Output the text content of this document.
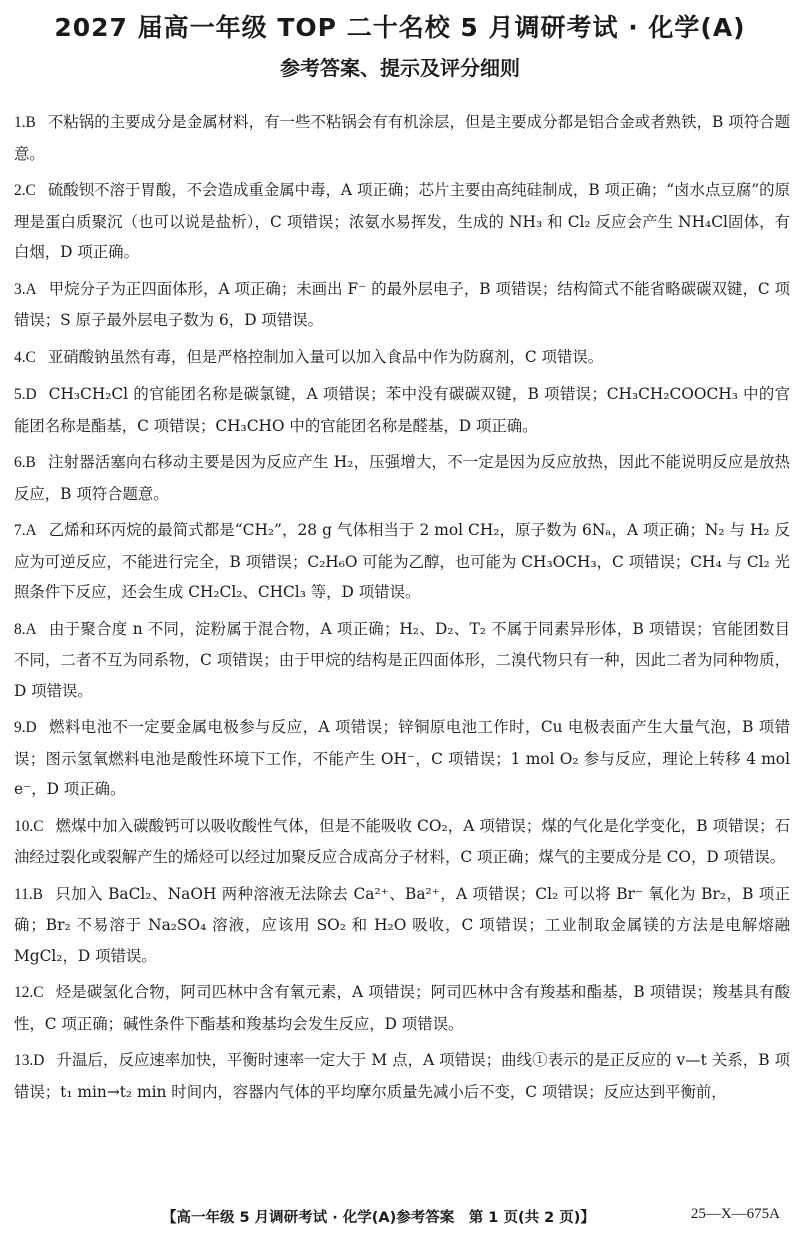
2027 届高一年级 TOP 二十名校 5 月调研考试 · 化学(A)
参考答案、提示及评分细则
1.B 不粘锅的主要成分是金属材料，有一些不粘锅会有有机涂层，但是主要成分都是铝合金或者熟铁，B 项符合题意。
2.C 硫酸钡不溶于胃酸，不会造成重金属中毒，A 项正确；芯片主要由高纯硅制成，B 项正确；“卤水点豆腐”的原理是蛋白质聚沉（也可以说是盐析），C 项错误；浓氨水易挥发，生成的 NH₃ 和 Cl₂ 反应会产生 NH₄Cl固体，有白烟，D 项正确。
3.A 甲烷分子为正四面体形，A 项正确；未画出 F⁻ 的最外层电子，B 项错误；结构简式不能省略碳碳双键，C 项错误；S 原子最外层电子数为 6，D 项错误。
4.C 亚硝酸钠虽然有毒，但是严格控制加入量可以加入食品中作为防腐剂，C 项错误。
5.D CH₃CH₂Cl 的官能团名称是碳氯键，A 项错误；苯中没有碳碳双键，B 项错误；CH₃CH₂COOCH₃ 中的官能团名称是酯基，C 项错误；CH₃CHO 中的官能团名称是醛基，D 项正确。
6.B 注射器活塞向右移动主要是因为反应产生 H₂，压强增大，不一定是因为反应放热，因此不能说明反应是放热反应，B 项符合题意。
7.A 乙烯和环丙烷的最简式都是“CH₂”，28 g 气体相当于 2 mol CH₂，原子数为 6Nₐ，A 项正确；N₂ 与 H₂ 反应为可逆反应，不能进行完全，B 项错误；C₂H₆O 可能为乙醇，也可能为 CH₃OCH₃，C 项错误；CH₄ 与 Cl₂ 光照条件下反应，还会生成 CH₂Cl₂、CHCl₃ 等，D 项错误。
8.A 由于聚合度 n 不同，淀粉属于混合物，A 项正确；H₂、D₂、T₂ 不属于同素异形体，B 项错误；官能团数目不同，二者不互为同系物，C 项错误；由于甲烷的结构是正四面体形，二溴代物只有一种，因此二者为同种物质，D 项错误。
9.D 燃料电池不一定要金属电极参与反应，A 项错误；锌铜原电池工作时，Cu 电极表面产生大量气泡，B 项错误；图示氢氧燃料电池是酸性环境下工作，不能产生 OH⁻，C 项错误；1 mol O₂ 参与反应，理论上转移 4 mol e⁻，D 项正确。
10.C 燃煤中加入碳酸钙可以吸收酸性气体，但是不能吸收 CO₂，A 项错误；煤的气化是化学变化，B 项错误；石油经过裂化或裂解产生的烯烃可以经过加聚反应合成高分子材料，C 项正确；煤气的主要成分是 CO，D 项错误。
11.B 只加入 BaCl₂、NaOH 两种溶液无法除去 Ca²⁺、Ba²⁺，A 项错误；Cl₂ 可以将 Br⁻ 氧化为 Br₂，B 项正确；Br₂ 不易溶于 Na₂SO₄ 溶液，应该用 SO₂ 和 H₂O 吸收，C 项错误；工业制取金属镁的方法是电解熔融 MgCl₂，D 项错误。
12.C 烃是碳氢化合物，阿司匹林中含有氧元素，A 项错误；阿司匹林中含有羧基和酯基，B 项错误；羧基具有酸性，C 项正确；碱性条件下酯基和羧基均会发生反应，D 项错误。
13.D 升温后，反应速率加快，平衡时速率一定大于 M 点，A 项错误；曲线①表示的是正反应的 v—t 关系，B 项错误；t₁ min→t₂ min 时间内，容器内气体的平均摩尔质量先减小后不变，C 项错误；反应达到平衡前，
【高一年级 5 月调研考试 · 化学(A)参考答案　第 1 页(共 2 页)】	25—X—675A
